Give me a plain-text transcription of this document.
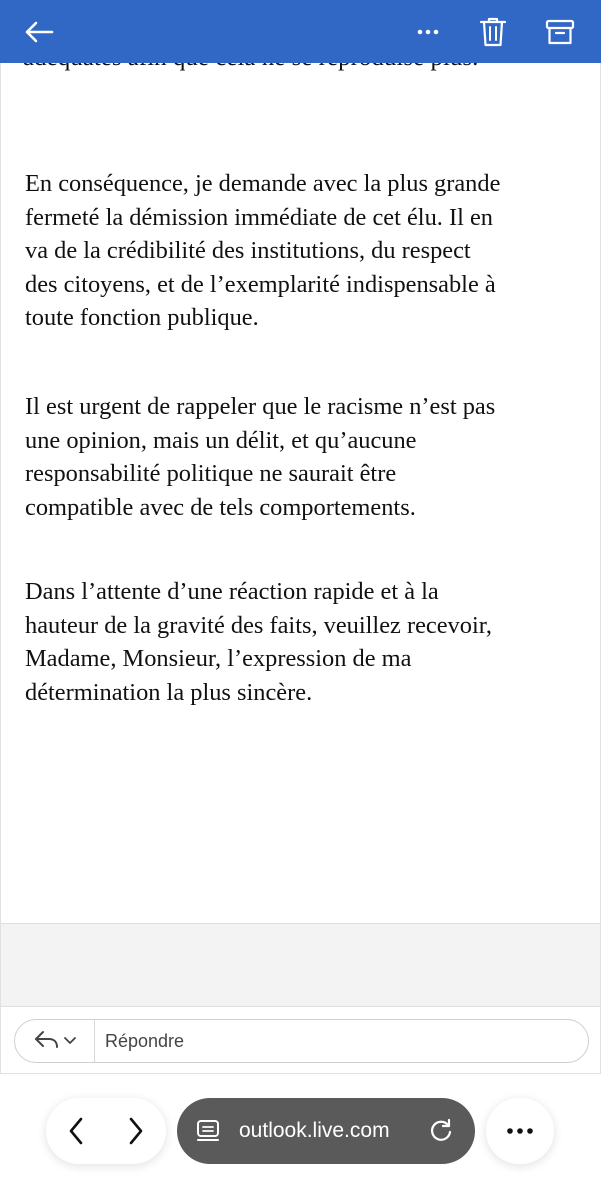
En conséquence, je demande avec la plus grande
fermeté la démission immédiate de cet élu. Il en
va de la crédibilité des institutions, du respect
des citoyens, et de l’exemplarité indispensable à
toute fonction publique.
Il est urgent de rappeler que le racisme n’est pas
une opinion, mais un délit, et qu’aucune
responsabilité politique ne saurait être
compatible avec de tels comportements.
Dans l’attente d’une réaction rapide et à la
hauteur de la gravité des faits, veuillez recevoir,
Madame, Monsieur, l’expression de ma
détermination la plus sincère.
Répondre
outlook.live.com
